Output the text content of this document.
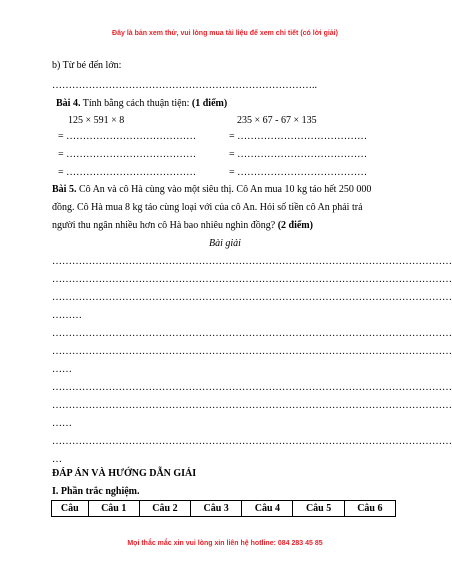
Đây là bản xem thử, vui lòng mua tài liệu để xem chi tiết (có lời giải)
b) Từ bé đến lớn:
……………………………………………………………………..
Bài 4. Tính bằng cách thuận tiện: (1 điểm)
125 × 591 × 8	235 × 67 - 67 × 135
= …………………………………	= …………………………………
= …………………………………	= …………………………………
= …………………………………	= …………………………………
Bài 5. Cô An và cô Hà cùng vào một siêu thị. Cô An mua 10 kg táo hết 250 000
đồng. Cô Hà mua 8 kg táo cùng loại với của cô An. Hỏi số tiền cô An phải trả
người thu ngân nhiều hơn cô Hà bao nhiêu nghìn đồng? (2 điểm)
Bài giải
…………………………………………………………………………………………………………
…………………………………………………………………………………………………………
…………………………………………………………………………………………………………
………
…………………………………………………………………………………………………………
…………………………………………………………………………………………………………
……
…………………………………………………………………………………………………………
…………………………………………………………………………………………………………
……
…………………………………………………………………………………………………………
…
ĐÁP ÁN VÀ HƯỚNG DẪN GIẢI
I. Phần trắc nghiệm.
Câu	Câu 1	Câu 2	Câu 3	Câu 4	Câu 5	Câu 6
Mọi thắc mắc xin vui lòng xin liên hệ hotline: 084 283 45 85
